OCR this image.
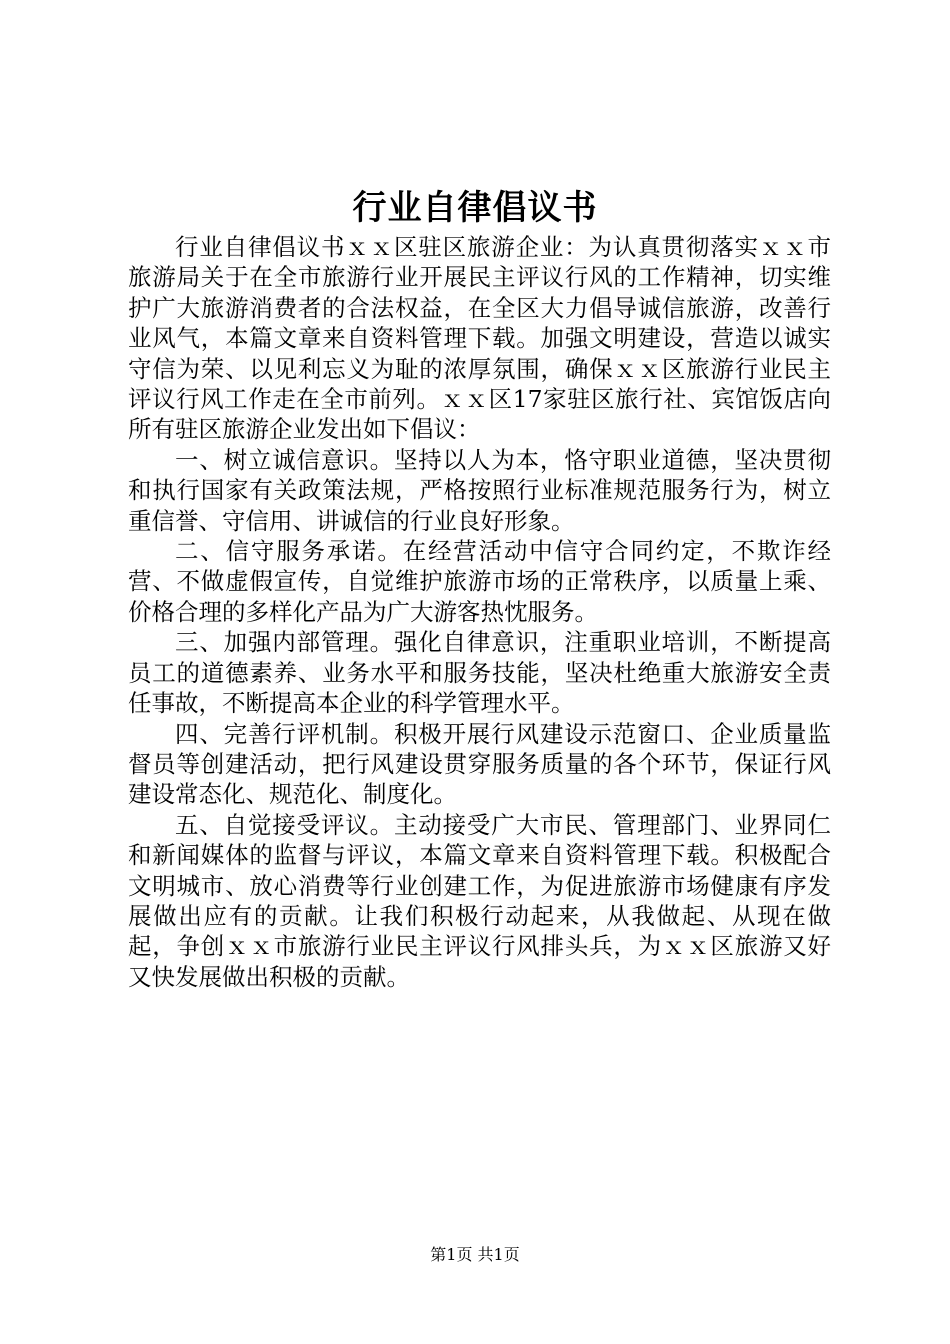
行业自律倡议书

行业自律倡议书ｘｘ区驻区旅游企业：为认真贯彻落实ｘｘ市旅游局关于在全市旅游行业开展民主评议行风的工作精神，切实维护广大旅游消费者的合法权益，在全区大力倡导诚信旅游，改善行业风气，本篇文章来自资料管理下载。加强文明建设，营造以诚实守信为荣、以见利忘义为耻的浓厚氛围，确保ｘｘ区旅游行业民主评议行风工作走在全市前列。ｘｘ区17家驻区旅行社、宾馆饭店向所有驻区旅游企业发出如下倡议：

一、树立诚信意识。坚持以人为本，恪守职业道德，坚决贯彻和执行国家有关政策法规，严格按照行业标准规范服务行为，树立重信誉、守信用、讲诚信的行业良好形象。

二、信守服务承诺。在经营活动中信守合同约定，不欺诈经营、不做虚假宣传，自觉维护旅游市场的正常秩序，以质量上乘、价格合理的多样化产品为广大游客热忱服务。

三、加强内部管理。强化自律意识，注重职业培训，不断提高员工的道德素养、业务水平和服务技能，坚决杜绝重大旅游安全责任事故，不断提高本企业的科学管理水平。

四、完善行评机制。积极开展行风建设示范窗口、企业质量监督员等创建活动，把行风建设贯穿服务质量的各个环节，保证行风建设常态化、规范化、制度化。

五、自觉接受评议。主动接受广大市民、管理部门、业界同仁和新闻媒体的监督与评议，本篇文章来自资料管理下载。积极配合文明城市、放心消费等行业创建工作，为促进旅游市场健康有序发展做出应有的贡献。让我们积极行动起来，从我做起、从现在做起，争创ｘｘ市旅游行业民主评议行风排头兵，为ｘｘ区旅游又好又快发展做出积极的贡献。

第1页 共1页
